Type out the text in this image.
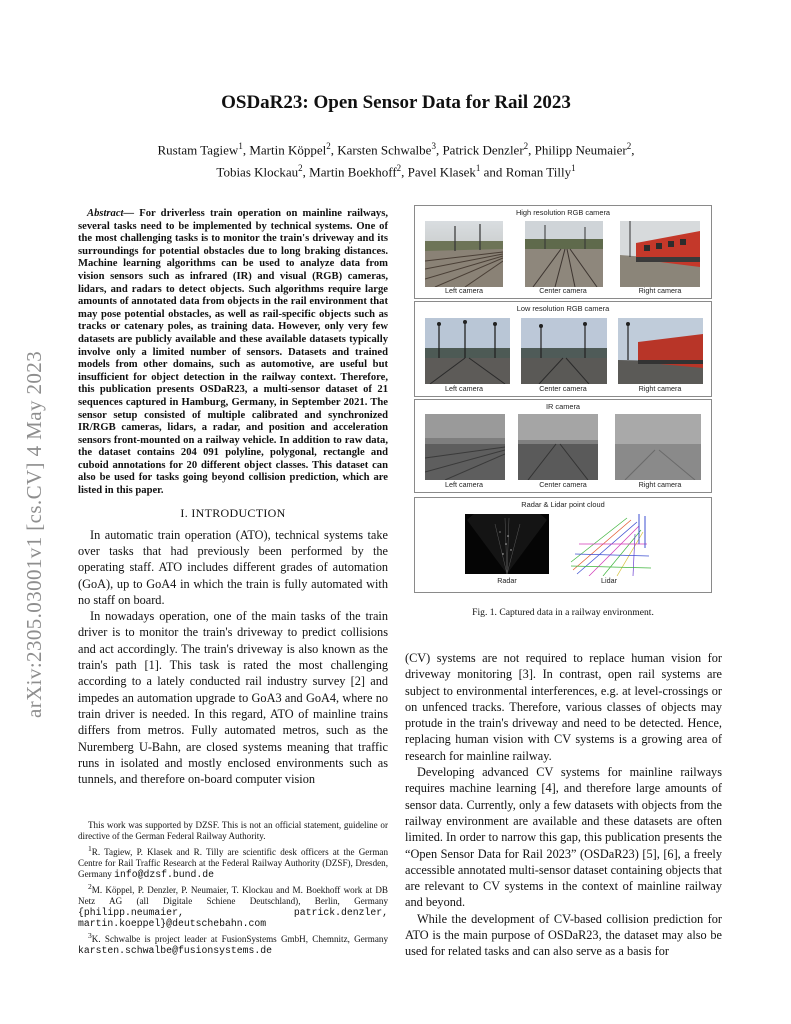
arXiv:2305.03001v1 [cs.CV] 4 May 2023
OSDaR23: Open Sensor Data for Rail 2023
Rustam Tagiew$^1$, Martin Köppel$^2$, Karsten Schwalbe$^3$, Patrick Denzler$^2$, Philipp Neumaier$^2$,
Tobias Klockau$^2$, Martin Boekhoff$^2$, Pavel Klasek$^1$ and Roman Tilly$^1$

Abstract— For driverless train operation on mainline railways, several tasks need to be implemented by technical systems. One of the most challenging tasks is to monitor the train's driveway and its surroundings for potential obstacles due to long braking distances. Machine learning algorithms can be used to analyze data from vision sensors such as infrared (IR) and visual (RGB) cameras, lidars, and radars to detect objects. Such algorithms require large amounts of annotated data from objects in the rail environment that may pose potential obstacles, as well as rail-specific objects such as tracks or catenary poles, as training data. However, only very few datasets are publicly available and these available datasets typically involve only a limited number of sensors. Datasets and trained models from other domains, such as automotive, are useful but insufficient for object detection in the railway context. Therefore, this publication presents OSDaR23, a multi-sensor dataset of 21 sequences captured in Hamburg, Germany, in September 2021. The sensor setup consisted of multiple calibrated and synchronized IR/RGB cameras, lidars, a radar, and position and acceleration sensors front-mounted on a railway vehicle. In addition to raw data, the dataset contains 204 091 polyline, polygonal, rectangle and cuboid annotations for 20 different object classes. This dataset can also be used for tasks going beyond collision prediction, which are listed in this paper.

I. INTRODUCTION

In automatic train operation (ATO), technical systems take over tasks that had previously been performed by the operating staff. ATO includes different grades of automation (GoA), up to GoA4 in which the train is fully automated with no staff on board.

In nowadays operation, one of the main tasks of the train driver is to monitor the train's driveway to predict collisions and act accordingly. The train's driveway is also known as the train's path [1]. This task is rated the most challenging according to a lately conducted rail industry survey [2] and impedes an automation upgrade to GoA3 and GoA4, where no train driver is needed. In this regard, ATO of mainline trains differs from metros. Fully automated metros, such as the Nuremberg U-Bahn, are closed systems meaning that traffic runs in isolated and mostly enclosed environments such as tunnels, and therefore on-board computer vision

This work was supported by DZSF. This is not an official statement, guideline or directive of the German Federal Railway Authority.

$^1$R. Tagiew, P. Klasek and R. Tilly are scientific desk officers at the German Centre for Rail Traffic Research at the Federal Railway Authority (DZSF), Dresden, Germany info@dzsf.bund.de

$^2$M. Köppel, P. Denzler, P. Neumaier, T. Klockau and M. Boekhoff work at DB Netz AG (all Digitale Schiene Deutschland), Berlin, Germany {philipp.neumaier, patrick.denzler, martin.koeppel}@deutschebahn.com

$^3$K. Schwalbe is project leader at FusionSystems GmbH, Chemnitz, Germany karsten.schwalbe@fusionsystems.de

High resolution RGB camera
Left camera	Center camera	Right camera
Low resolution RGB camera
Left camera	Center camera	Right camera
IR camera
Left camera	Center camera	Right camera
Radar & Lidar point cloud
Radar	Lidar
Fig. 1. Captured data in a railway environment.

(CV) systems are not required to replace human vision for driveway monitoring [3]. In contrast, open rail systems are subject to environmental interferences, e.g. at level-crossings or on unfenced tracks. Therefore, various classes of objects may protude in the train's driveway and need to be detected. Hence, replacing human vision with CV systems is a growing area of research for mainline railway.

Developing advanced CV systems for mainline railways requires machine learning [4], and therefore large amounts of sensor data. Currently, only a few datasets with objects from the railway environment are available and these datasets are often limited. In order to narrow this gap, this publication presents the “Open Sensor Data for Rail 2023” (OSDaR23) [5], [6], a freely accessible annotated multi-sensor dataset containing objects that are relevant to CV systems in the context of mainline railway and beyond.

While the development of CV-based collision prediction for ATO is the main purpose of OSDaR23, the dataset may also be used for related tasks and can also serve as a basis for
